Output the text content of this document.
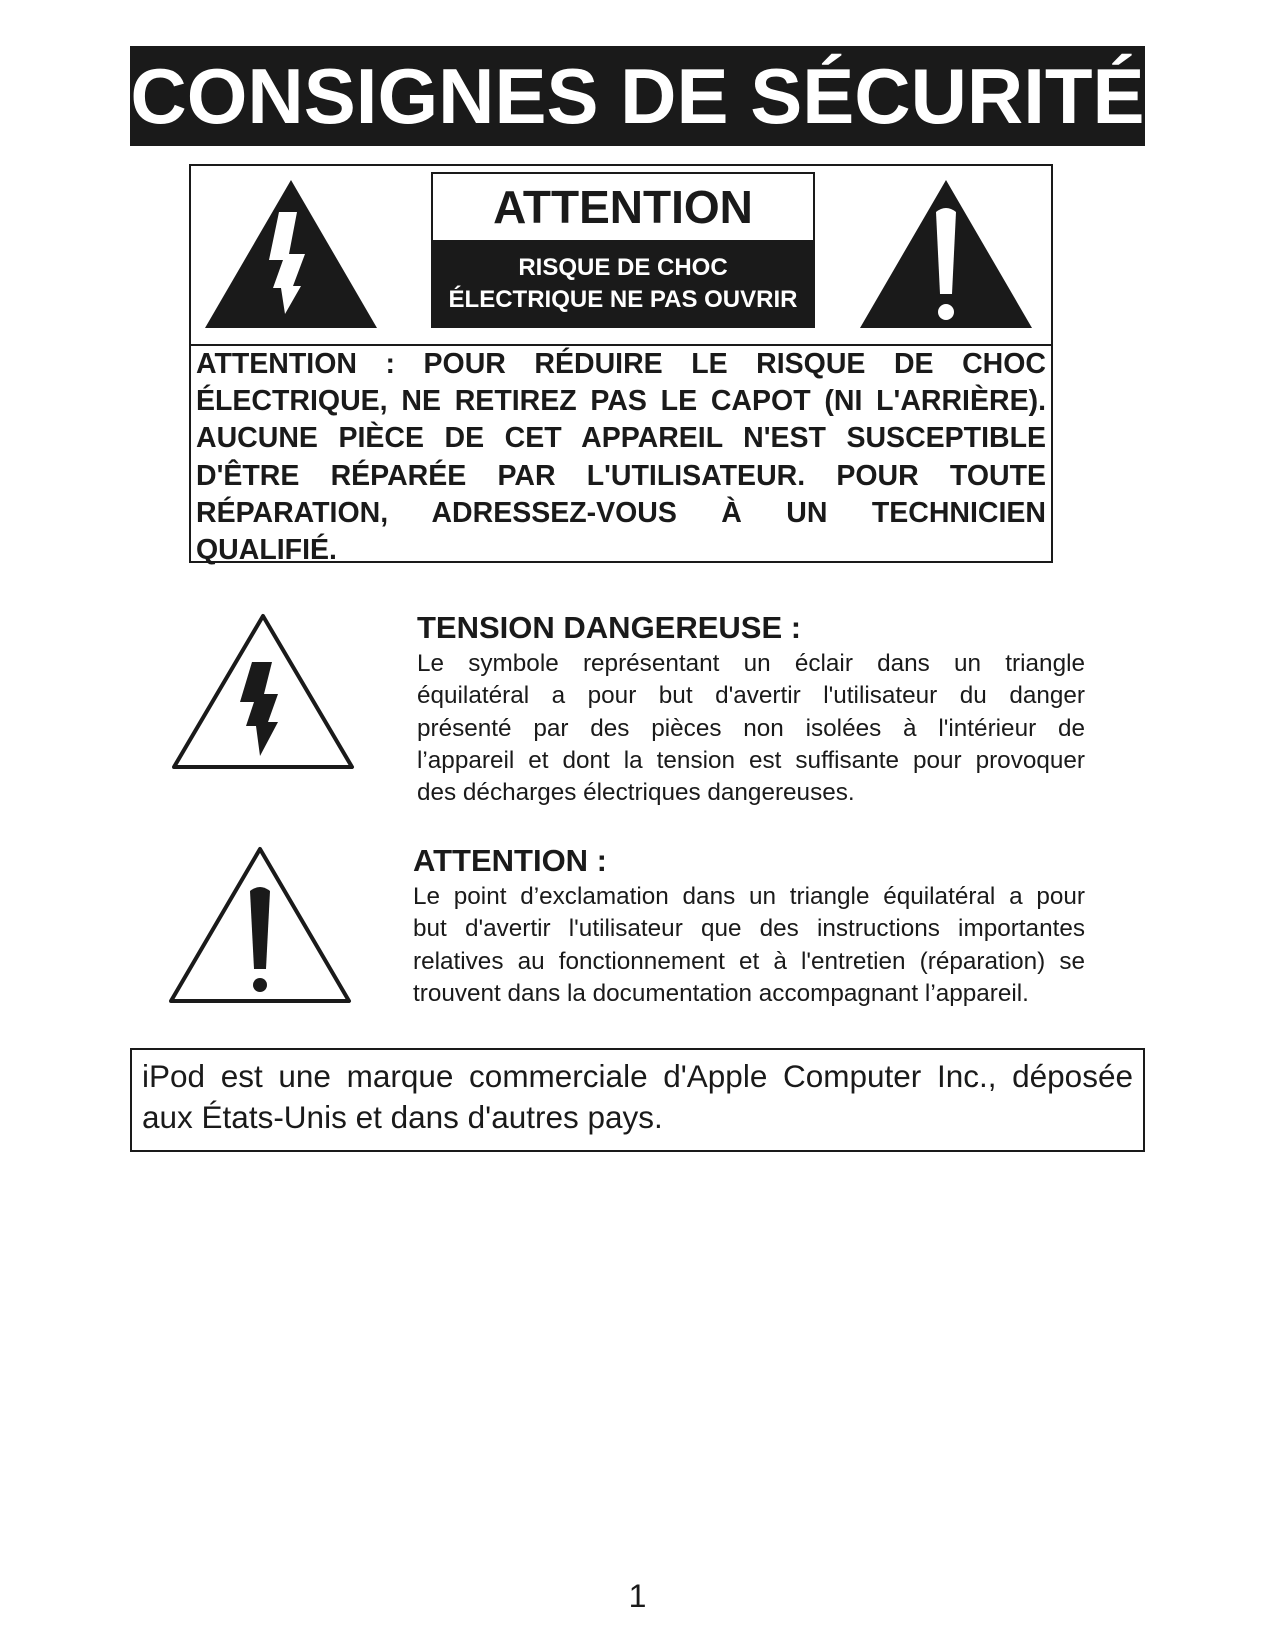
CONSIGNES DE SÉCURITÉ
ATTENTION
RISQUE DE CHOC
ÉLECTRIQUE NE PAS OUVRIR
ATTENTION : POUR RÉDUIRE LE RISQUE DE CHOC
ÉLECTRIQUE, NE RETIREZ PAS LE CAPOT (NI L'ARRIÈRE).
AUCUNE PIÈCE DE CET APPAREIL N'EST SUSCEPTIBLE
D'ÊTRE RÉPARÉE PAR L'UTILISATEUR. POUR TOUTE
RÉPARATION, ADRESSEZ-VOUS À UN TECHNICIEN
QUALIFIÉ.
TENSION DANGEREUSE :
Le symbole représentant un éclair dans un triangle
équilatéral a pour but d'avertir l'utilisateur du danger
présenté par des pièces non isolées à l'intérieur de
l’appareil et dont la tension est suffisante pour provoquer
des décharges électriques dangereuses.
ATTENTION :
Le point d’exclamation dans un triangle équilatéral a pour
but d'avertir l'utilisateur que des instructions importantes
relatives au fonctionnement et à l'entretien (réparation) se
trouvent dans la documentation accompagnant l’appareil.
iPod est une marque commerciale d'Apple Computer Inc., déposée
aux États-Unis et dans d'autres pays.
1
